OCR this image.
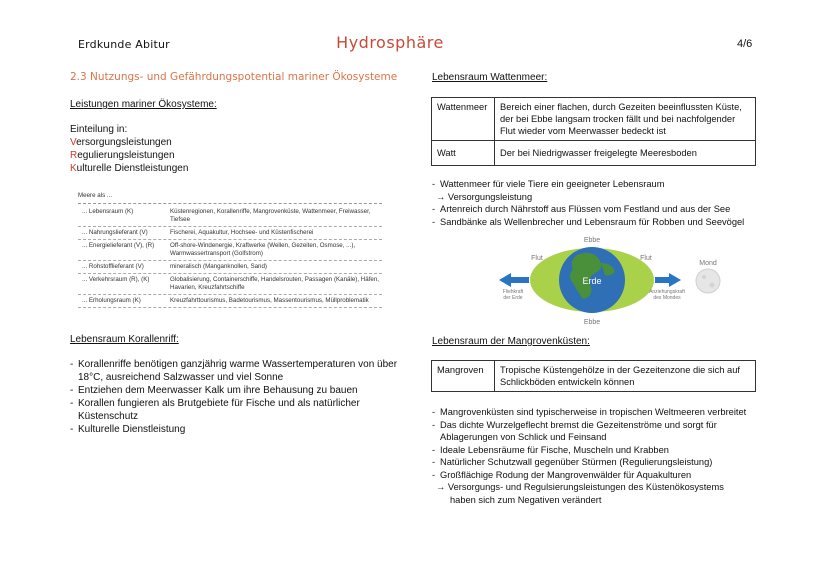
Erdkunde Abitur	Hydrosphäre	4/6
2.3 Nutzungs- und Gefährdungspotential mariner Ökosysteme
Leistungen mariner Ökosysteme:
Einteilung in:
Versorgungsleistungen
Regulierungsleistungen
Kulturelle Dienstleistungen
Meere als ...
... Lebensraum (K)	Küstenregionen, Korallenriffe, Mangrovenküste, Wattenmeer, Freiwasser, Tiefsee
... Nahrungslieferant (V)	Fischerei, Aquakultur, Hochsee- und Küstenfischerei
... Energielieferant (V), (R)	Off-shore-Windenergie, Kraftwerke (Wellen, Gezeiten, Osmose, ...), Warmwassertransport (Golfstrom)
... Rohstofflieferant (V)	mineralisch (Manganknollen, Sand)
... Verkehrsraum (R), (K)	Globalisierung, Containerschiffe, Handelsrouten, Passagen (Kanäle), Häfen, Havarien, Kreuzfahrtschiffe
... Erholungsraum (K)	Kreuzfahrttourismus, Badetourismus, Massentourismus, Müllproblematik
Lebensraum Korallenriff:
- Korallenriffe benötigen ganzjährig warme Wassertemperaturen von über 18°C, ausreichend Salzwasser und viel Sonne
- Entziehen dem Meerwasser Kalk um ihre Behausung zu bauen
- Korallen fungieren als Brutgebiete für Fische und als natürlicher Küstenschutz
- Kulturelle Dienstleistung
Lebensraum Wattenmeer:
Wattenmeer	Bereich einer flachen, durch Gezeiten beeinflussten Küste, der bei Ebbe langsam trocken fällt und bei nachfolgender Flut wieder vom Meerwasser bedeckt ist
Watt	Der bei Niedrigwasser freigelegte Meeresboden
- Wattenmeer für viele Tiere ein geeigneter Lebensraum
→ Versorgungsleistung
- Artenreich durch Nährstoff aus Flüssen vom Festland und aus der See
- Sandbänke als Wellenbrecher und Lebensraum für Robben und Seevögel
Erde
Ebbe
Ebbe
Flut	Flut
Fliehkraft
der Erde
Anziehungskraft
des Mondes
Mond
Lebensraum der Mangrovenküsten:
Mangroven	Tropische Küstengehölze in der Gezeitenzone die sich auf Schlickböden entwickeln können
- Mangrovenküsten sind typischerweise in tropischen Weltmeeren verbreitet
- Das dichte Wurzelgeflecht bremst die Gezeitenströme und sorgt für Ablagerungen von Schlick und Feinsand
- Ideale Lebensräume für Fische, Muscheln und Krabben
- Natürlicher Schutzwall gegenüber Stürmen (Regulierungsleistung)
- Großflächige Rodung der Mangrovenwälder für Aquakulturen
→ Versorgungs- und Regulsierungsleistungen des Küstenökosystems
haben sich zum Negativen verändert
